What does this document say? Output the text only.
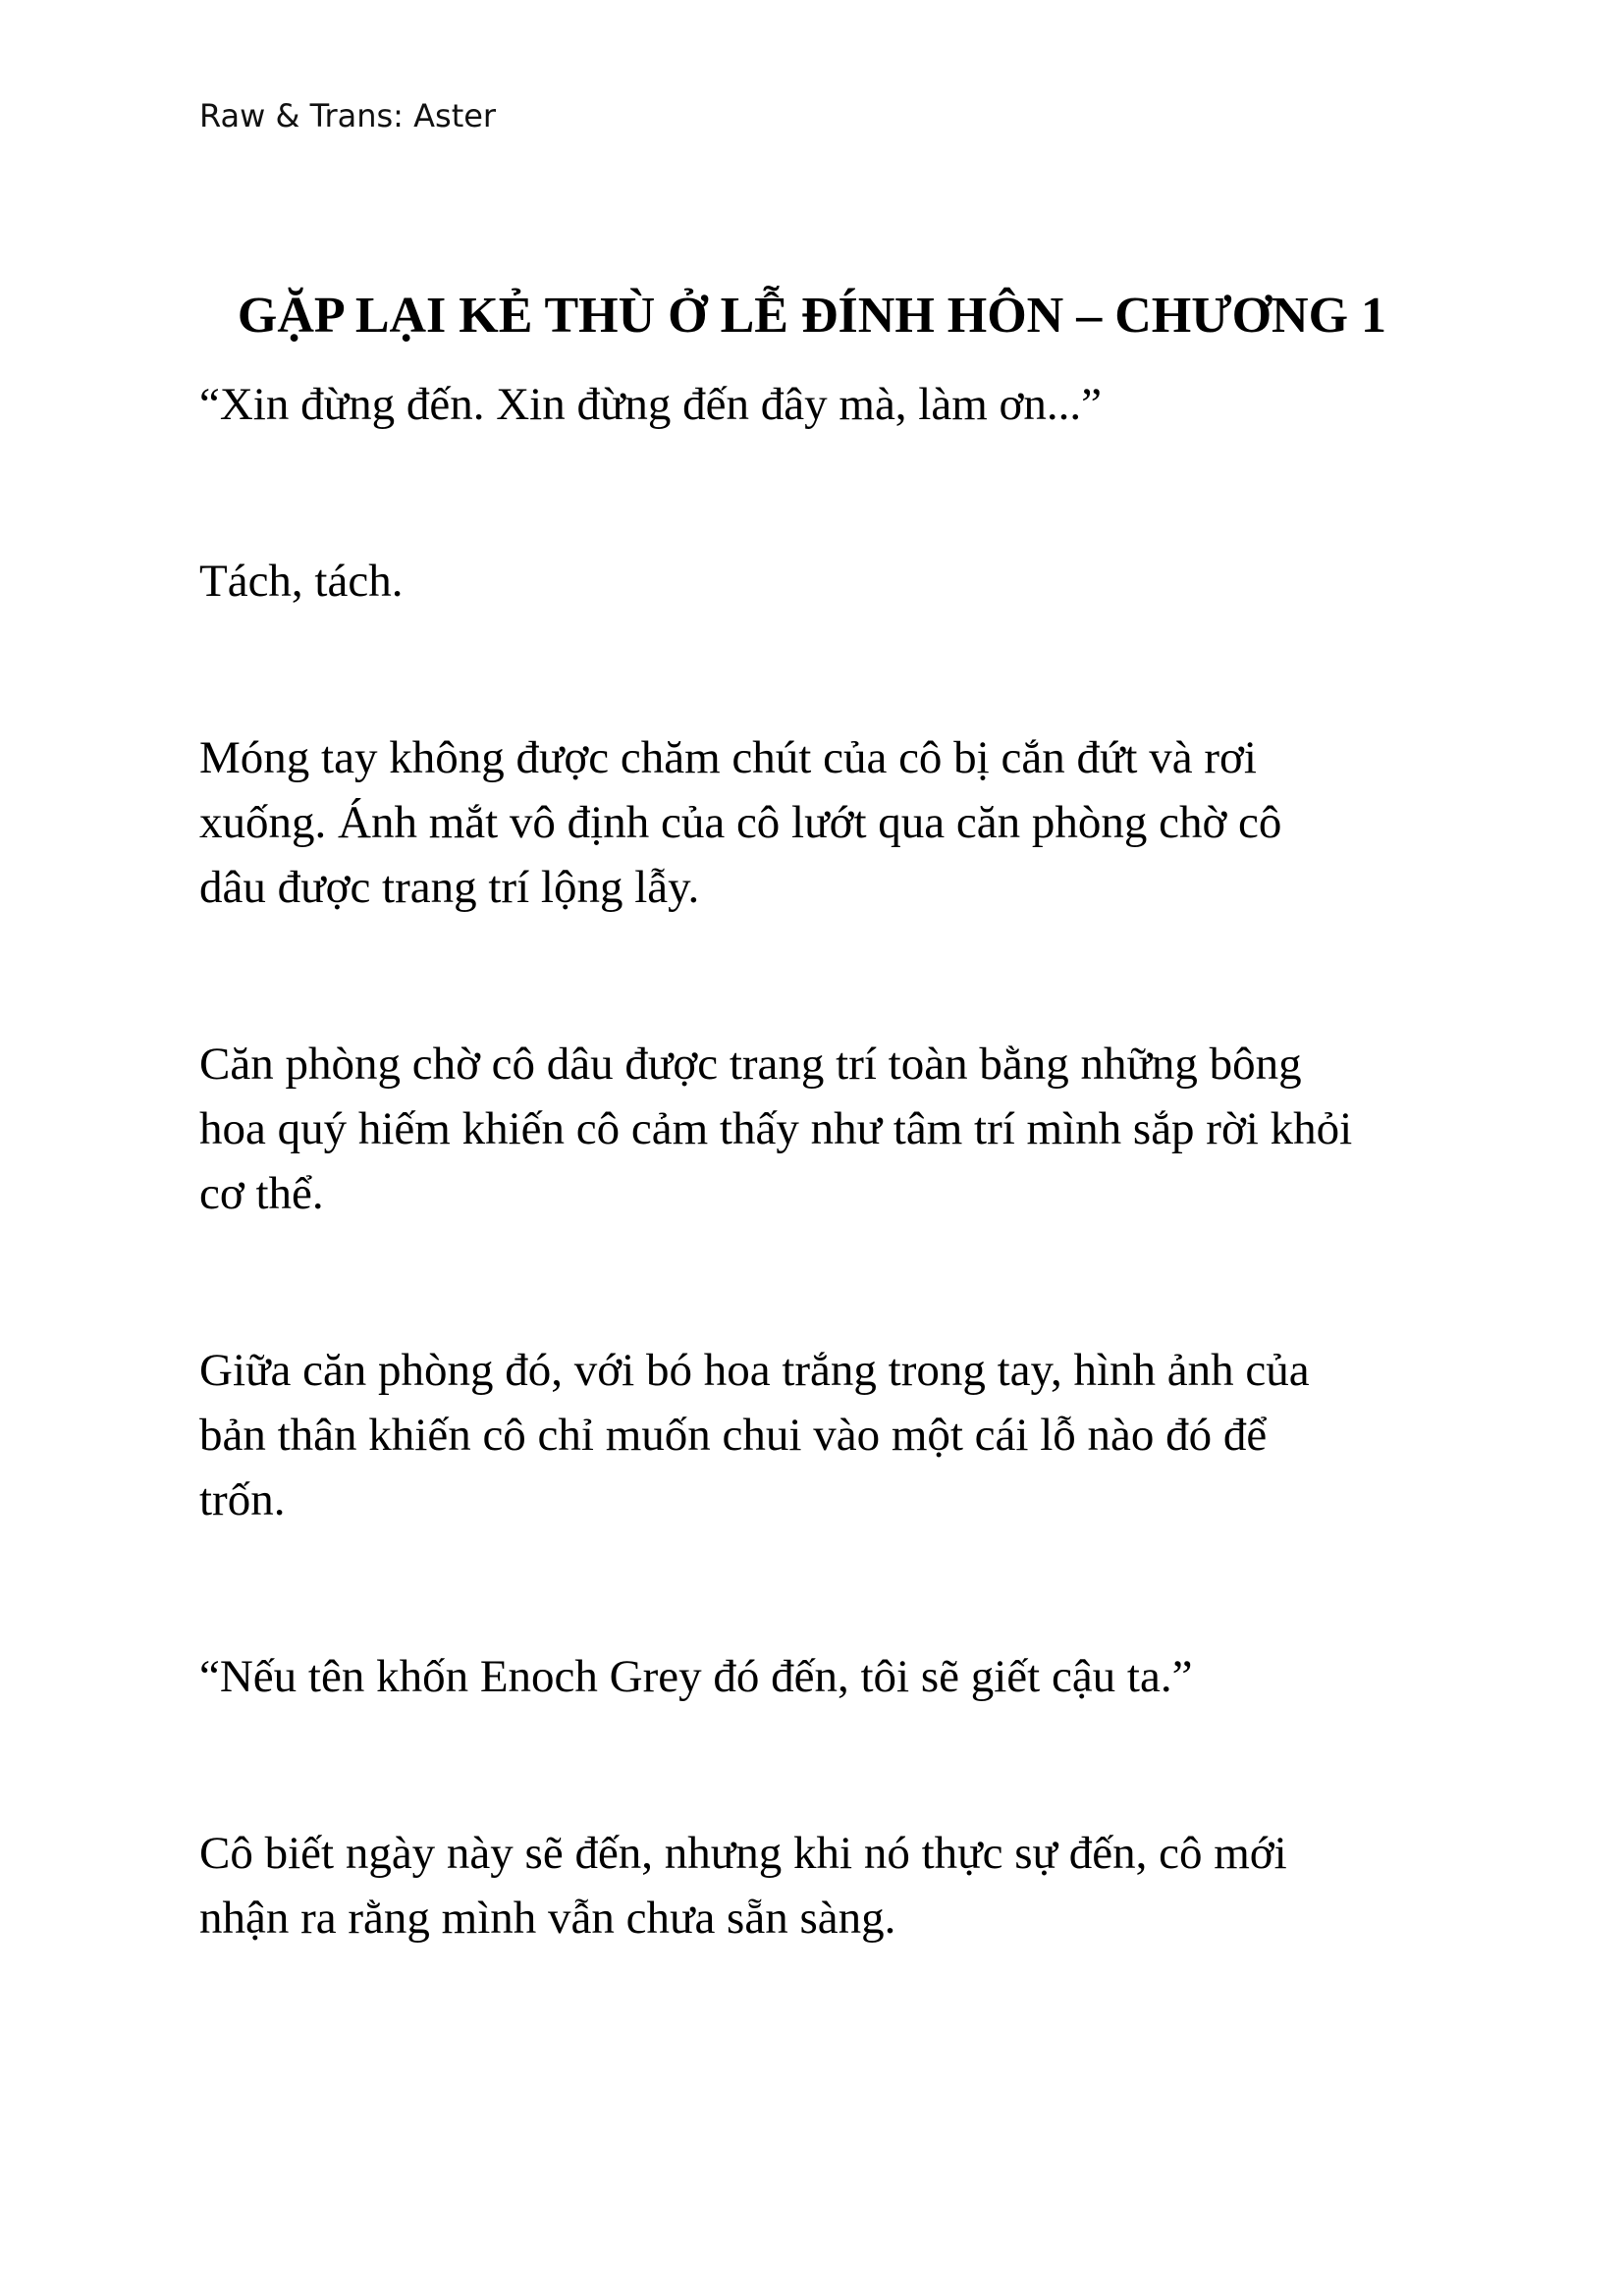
Raw & Trans: Aster
GẶP LẠI KẺ THÙ Ở LỄ ĐÍNH HÔN – CHƯƠNG 1

“Xin đừng đến. Xin đừng đến đây mà, làm ơn...”

Tách, tách.

Móng tay không được chăm chút của cô bị cắn đứt và rơi
xuống. Ánh mắt vô định của cô lướt qua căn phòng chờ cô
dâu được trang trí lộng lẫy.

Căn phòng chờ cô dâu được trang trí toàn bằng những bông
hoa quý hiếm khiến cô cảm thấy như tâm trí mình sắp rời khỏi
cơ thể.

Giữa căn phòng đó, với bó hoa trắng trong tay, hình ảnh của
bản thân khiến cô chỉ muốn chui vào một cái lỗ nào đó để
trốn.

“Nếu tên khốn Enoch Grey đó đến, tôi sẽ giết cậu ta.”

Cô biết ngày này sẽ đến, nhưng khi nó thực sự đến, cô mới
nhận ra rằng mình vẫn chưa sẵn sàng.
